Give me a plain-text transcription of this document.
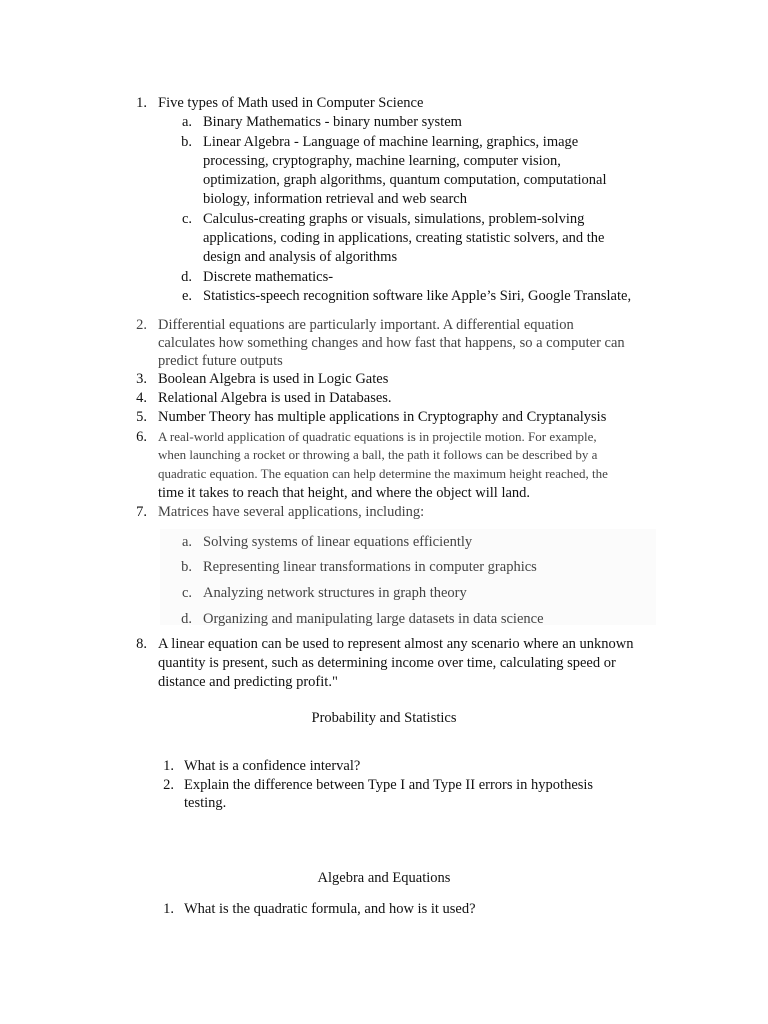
1. Five types of Math used in Computer Science
a. Binary Mathematics - binary number system
b. Linear Algebra - Language of machine learning, graphics, image
processing, cryptography, machine learning, computer vision,
optimization, graph algorithms, quantum computation, computational
biology, information retrieval and web search
c. Calculus-creating graphs or visuals, simulations, problem-solving
applications, coding in applications, creating statistic solvers, and the
design and analysis of algorithms
d. Discrete mathematics-
e. Statistics-speech recognition software like Apple’s Siri, Google Translate,
2. Differential equations are particularly important. A differential equation
calculates how something changes and how fast that happens, so a computer can
predict future outputs
3. Boolean Algebra is used in Logic Gates
4. Relational Algebra is used in Databases.
5. Number Theory has multiple applications in Cryptography and Cryptanalysis
6. A real-world application of quadratic equations is in projectile motion. For example,
when launching a rocket or throwing a ball, the path it follows can be described by a
quadratic equation. The equation can help determine the maximum height reached, the
time it takes to reach that height, and where the object will land.
7. Matrices have several applications, including:
a. Solving systems of linear equations efficiently
b. Representing linear transformations in computer graphics
c. Analyzing network structures in graph theory
d. Organizing and manipulating large datasets in data science
8. A linear equation can be used to represent almost any scenario where an unknown
quantity is present, such as determining income over time, calculating speed or
distance and predicting profit."
Probability and Statistics
1. What is a confidence interval?
2. Explain the difference between Type I and Type II errors in hypothesis
testing.
Algebra and Equations
1. What is the quadratic formula, and how is it used?
